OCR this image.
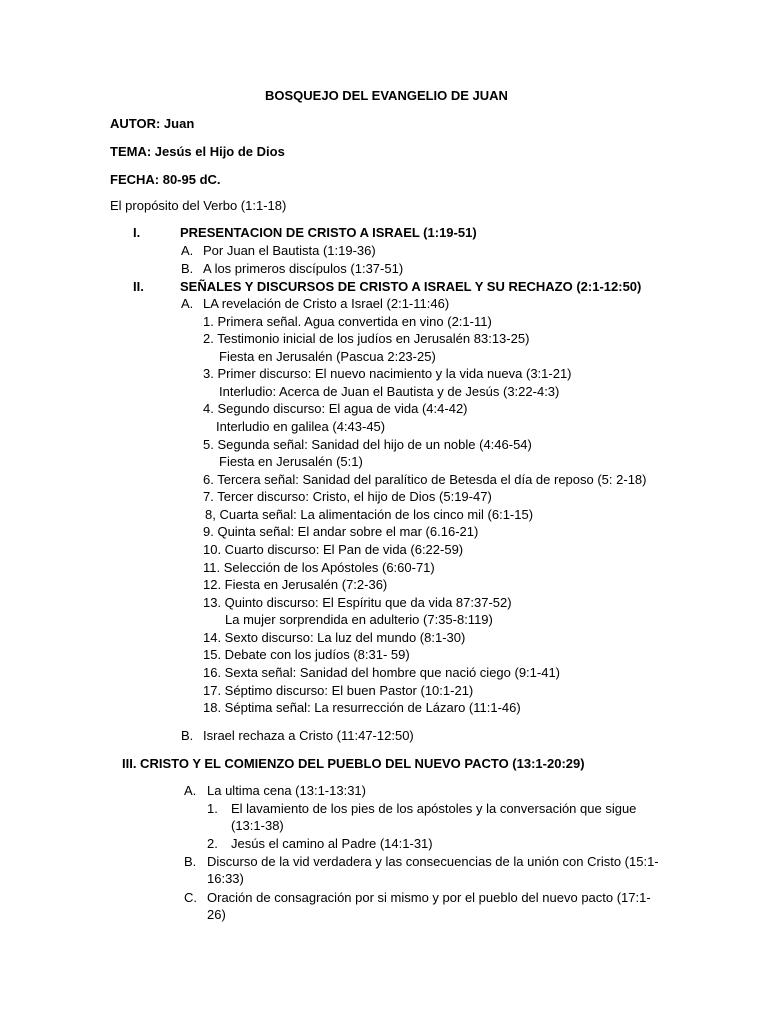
BOSQUEJO DEL EVANGELIO DE JUAN
AUTOR: Juan
TEMA: Jesús el Hijo de Dios
FECHA: 80-95 dC.
El propósito del Verbo (1:1-18)
I.	PRESENTACION DE CRISTO A ISRAEL (1:19-51)
A. Por Juan el Bautista (1:19-36)
B. A los primeros discípulos (1:37-51)
II.	SEÑALES Y DISCURSOS DE CRISTO A ISRAEL Y SU RECHAZO (2:1-12:50)
A. LA revelación de Cristo a Israel (2:1-11:46)
1. Primera señal. Agua convertida en vino (2:1-11)
2. Testimonio inicial de los judíos en Jerusalén 83:13-25)
Fiesta en Jerusalén (Pascua 2:23-25)
3. Primer discurso: El nuevo nacimiento y la vida nueva (3:1-21)
Interludio: Acerca de Juan el Bautista y de Jesús (3:22-4:3)
4. Segundo discurso: El agua de vida (4:4-42)
Interludio en galilea (4:43-45)
5. Segunda señal: Sanidad del hijo de un noble (4:46-54)
Fiesta en Jerusalén (5:1)
6. Tercera señal: Sanidad del paralítico de Betesda el día de reposo (5: 2-18)
7. Tercer discurso: Cristo, el hijo de Dios (5:19-47)
8, Cuarta señal: La alimentación de los cinco mil (6:1-15)
9. Quinta señal: El andar sobre el mar (6.16-21)
10. Cuarto discurso: El Pan de vida (6:22-59)
11. Selección de los Apóstoles (6:60-71)
12. Fiesta en Jerusalén (7:2-36)
13. Quinto discurso: El Espíritu que da vida 87:37-52)
La mujer sorprendida en adulterio (7:35-8:119)
14. Sexto discurso: La luz del mundo (8:1-30)
15. Debate con los judíos (8:31- 59)
16. Sexta señal: Sanidad del hombre que nació ciego (9:1-41)
17. Séptimo discurso: El buen Pastor (10:1-21)
18. Séptima señal: La resurrección de Lázaro (11:1-46)
B. Israel rechaza a Cristo (11:47-12:50)
III. CRISTO Y EL COMIENZO DEL PUEBLO DEL NUEVO PACTO (13:1-20:29)
A. La ultima cena (13:1-13:31)
1. El lavamiento de los pies de los apóstoles y la conversación que sigue
(13:1-38)
2. Jesús el camino al Padre (14:1-31)
B. Discurso de la vid verdadera y las consecuencias de la unión con Cristo (15:1-
16:33)
C. Oración de consagración por si mismo y por el pueblo del nuevo pacto (17:1-
26)
